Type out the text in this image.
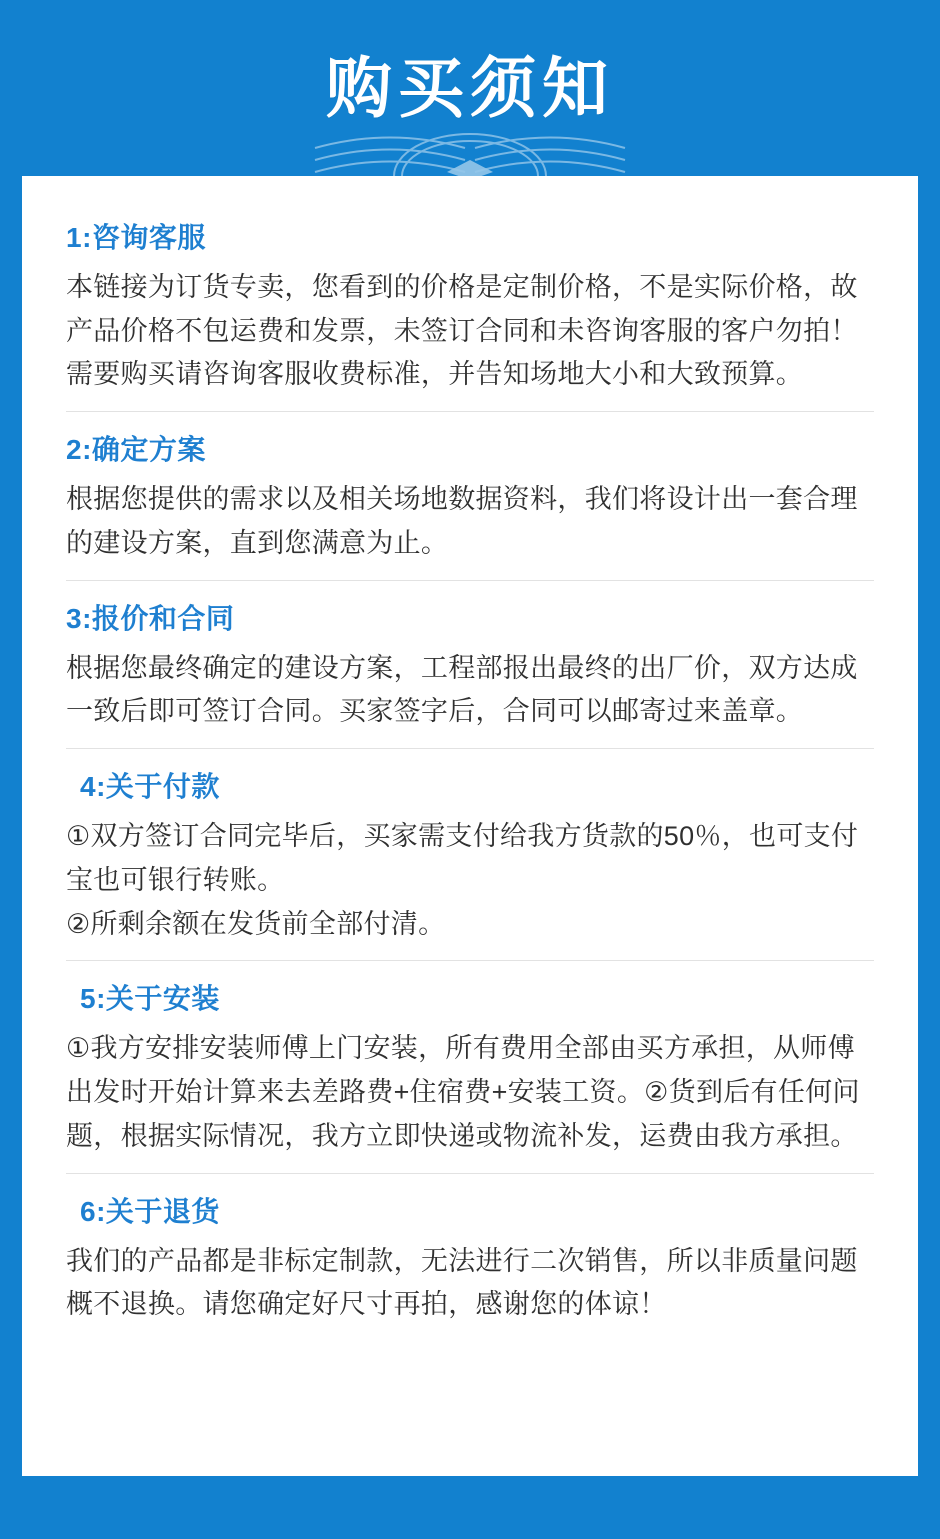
购买须知
1:咨询客服

本链接为订货专卖，您看到的价格是定制价格，不是实际价格，故产品价格不包运费和发票，未签订合同和未咨询客服的客户勿拍！需要购买请咨询客服收费标准，并告知场地大小和大致预算。

2:确定方案

根据您提供的需求以及相关场地数据资料，我们将设计出一套合理的建设方案，直到您满意为止。

3:报价和合同

根据您最终确定的建设方案，工程部报出最终的出厂价，双方达成一致后即可签订合同。买家签字后，合同可以邮寄过来盖章。

4:关于付款

①双方签订合同完毕后，买家需支付给我方货款的50％，也可支付宝也可银行转账。

②所剩余额在发货前全部付清。

5:关于安装

①我方安排安装师傅上门安装，所有费用全部由买方承担，从师傅出发时开始计算来去差路费+住宿费+安装工资。②货到后有任何问题，根据实际情况，我方立即快递或物流补发，运费由我方承担。

6:关于退货

我们的产品都是非标定制款，无法进行二次销售，所以非质量问题概不退换。请您确定好尺寸再拍，感谢您的体谅！
